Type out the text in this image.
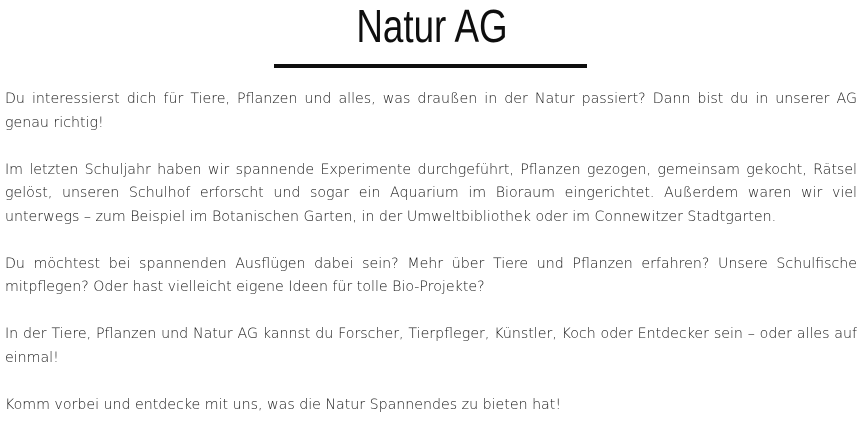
Natur AG

Du interessierst dich für Tiere, Pflanzen und alles, was draußen in der Natur passiert? Dann bist du in unserer AG genau richtig!

Im letzten Schuljahr haben wir spannende Experimente durchgeführt, Pflanzen gezogen, gemeinsam gekocht, Rätsel gelöst, unseren Schulhof erforscht und sogar ein Aquarium im Bioraum eingerichtet. Außerdem waren wir viel unterwegs – zum Beispiel im Botanischen Garten, in der Umweltbibliothek oder im Connewitzer Stadtgarten.

Du möchtest bei spannenden Ausflügen dabei sein? Mehr über Tiere und Pflanzen erfahren? Unsere Schulfische mitpflegen? Oder hast vielleicht eigene Ideen für tolle Bio-Projekte?

In der Tiere, Pflanzen und Natur AG kannst du Forscher, Tierpfleger, Künstler, Koch oder Entdecker sein – oder alles auf einmal!

Komm vorbei und entdecke mit uns, was die Natur Spannendes zu bieten hat!
